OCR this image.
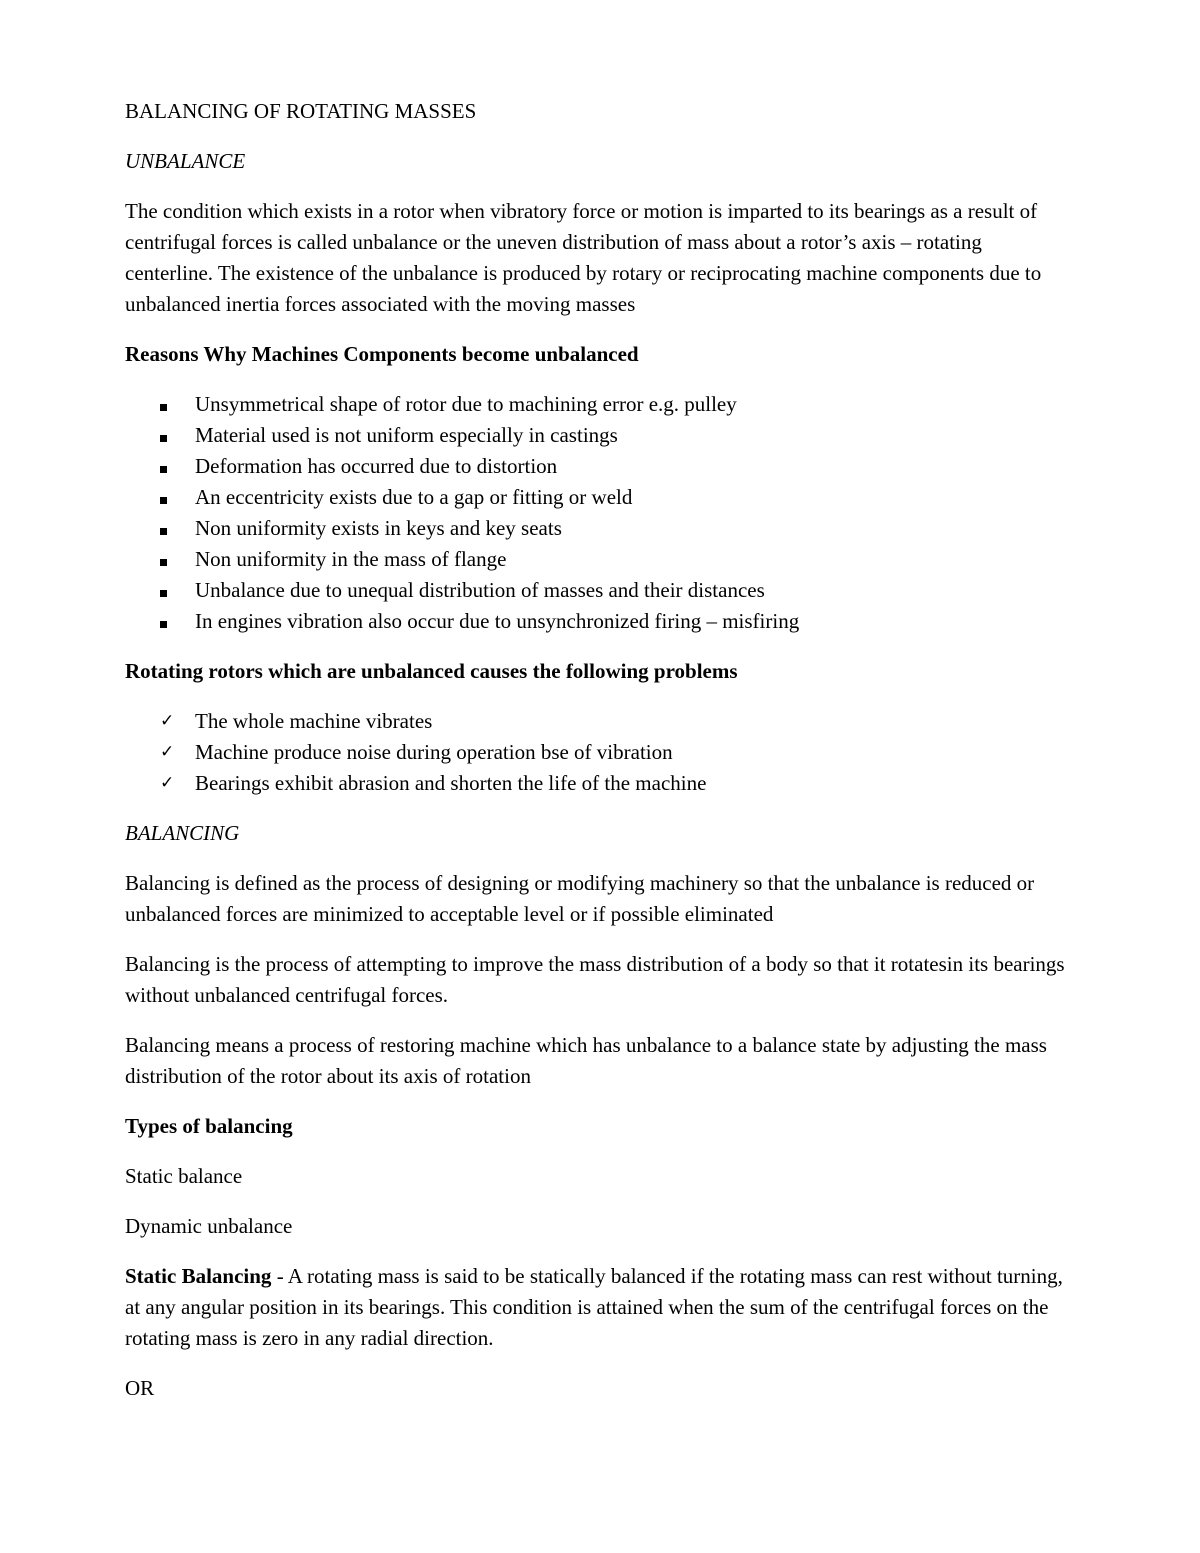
BALANCING OF ROTATING MASSES
UNBALANCE

The condition which exists in a rotor when vibratory force or motion is imparted to its bearings as a result of centrifugal forces is called unbalance or the uneven distribution of mass about a rotor’s axis – rotating centerline. The existence of the unbalance is produced by rotary or reciprocating machine components due to unbalanced inertia forces associated with the moving masses

Reasons Why Machines Components become unbalanced
Unsymmetrical shape of rotor due to machining error e.g. pulley
Material used is not uniform especially in castings
Deformation has occurred due to distortion
An eccentricity exists due to a gap or fitting or weld
Non uniformity exists in keys and key seats
Non uniformity in the mass of flange
Unbalance due to unequal distribution of masses and their distances
In engines vibration also occur due to unsynchronized firing – misfiring
Rotating rotors which are unbalanced causes the following problems
✓ The whole machine vibrates
✓ Machine produce noise during operation bse of vibration
✓ Bearings exhibit abrasion and shorten the life of the machine
BALANCING

Balancing is defined as the process of designing or modifying machinery so that the unbalance is reduced or unbalanced forces are minimized to acceptable level or if possible eliminated

Balancing is the process of attempting to improve the mass distribution of a body so that it rotatesin its bearings without unbalanced centrifugal forces.

Balancing means a process of restoring machine which has unbalance to a balance state by adjusting the mass distribution of the rotor about its axis of rotation

Types of balancing

Static balance

Dynamic unbalance

Static Balancing - A rotating mass is said to be statically balanced if the rotating mass can rest without turning, at any angular position in its bearings. This condition is attained when the sum of the centrifugal forces on the rotating mass is zero in any radial direction.

OR
